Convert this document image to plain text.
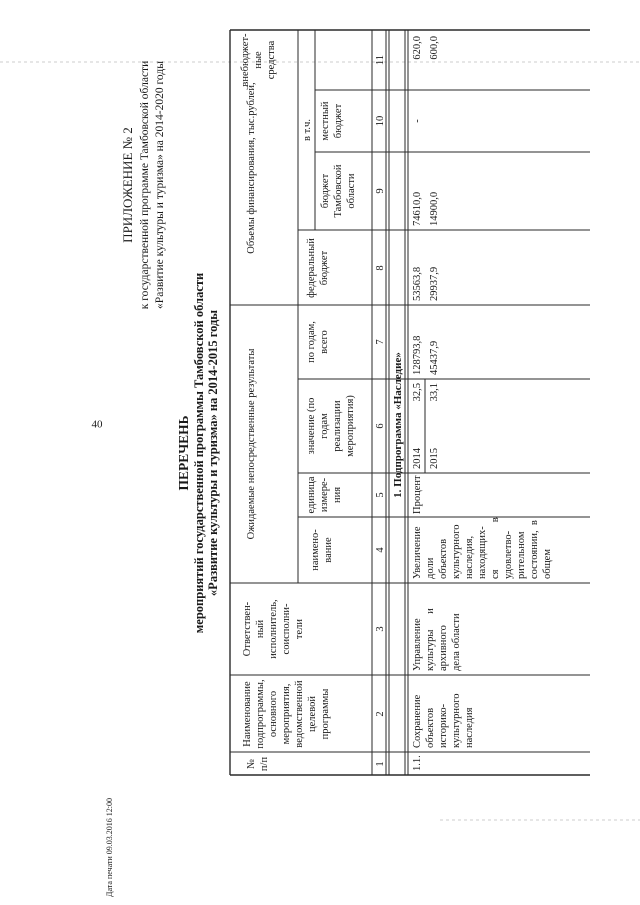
40
Дата печати 09.03.2016 12:00
ПРИЛОЖЕНИЕ № 2 к государственной программе Тамбовской области «Развитие культуры и туризма» на 2014-2020 годы
ПЕРЕЧЕНЬ мероприятий государственной программы Тамбовской области «Развитие культуры и туризма» на 2014-2015 годы
№ п/п
Наименование подпрограммы, основного мероприятия, ведомственной целевой программы
Ответствен- ный исполнитель, соисполни- тели
Ожидаемые непосредственные результаты
Объемы финансирования, тыс.рублей,	в т.ч.
наимено- вание
единица измере- ния
значение (по годам реализации мероприятия)
по годам, всего
федеральный бюджет
бюджет Тамбовской области
местный бюджет
внебюджет- ные средства
1
2
3
4
5
6
7
8
9
10
11
1. Подпрограмма «Наследие»
1.1.
Сохранение объектов историко- культурного наследия
Управление культуры      и архивного дела области
Увеличение доли объектов культурного наследия, находящих- ся                  в удовлетво- рительном состоянии,  в общем
Процент
2014
32,5
2015
33,1
128793,8 45437,9
53563,8 29937,9
74610,0 14900,0
-
620,0 600,0
